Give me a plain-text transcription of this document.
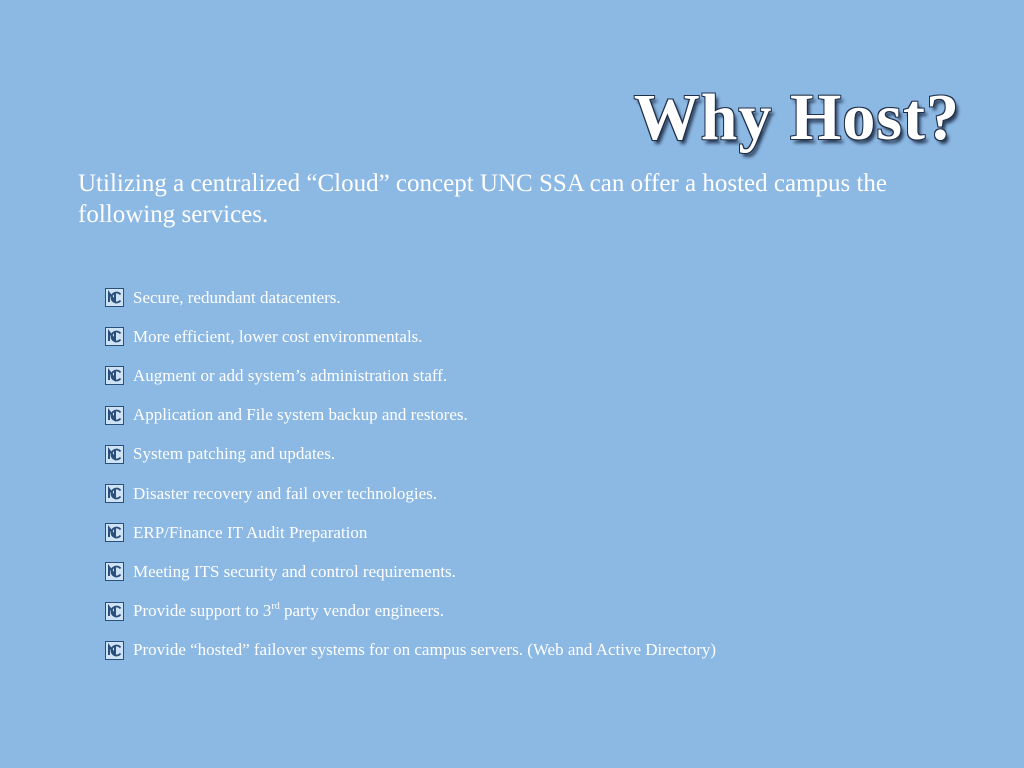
Why Host?

Utilizing a centralized “Cloud” concept UNC SSA can offer a hosted campus the following services.

Secure, redundant datacenters.
More efficient, lower cost environmentals.
Augment or add system’s administration staff.
Application and File system backup and restores.
System patching and updates.
Disaster recovery and fail over technologies.
ERP/Finance IT Audit Preparation
Meeting ITS security and control requirements.
Provide support to 3rd party vendor engineers.
Provide “hosted” failover systems for on campus servers. (Web and Active Directory)
